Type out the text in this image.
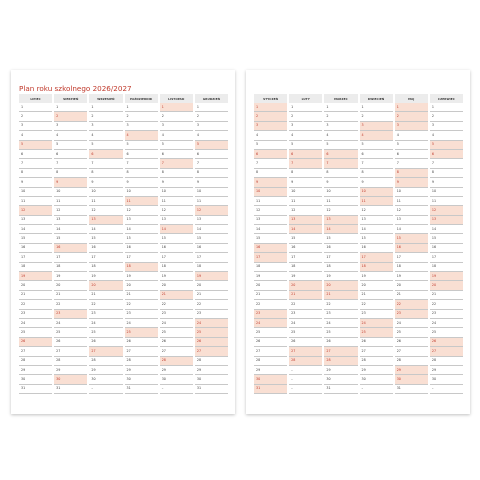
Plan roku szkolnego 2026/2027
LIPIEC	SIERPIEŃ	WRZESIEŃ	PAŹDZIERNIK	LISTOPAD	GRUDZIEŃ
1	1	1	1	1	1
2	2	2	2	2	2
3	3	3	3	3	3
4	4	4	4	4	4
5	5	5	5	5	5
6	6	6	6	6	6
7	7	7	7	7	7
8	8	8	8	8	8
9	9	9	9	9	9
10	10	10	10	10	10
11	11	11	11	11	11
12	12	12	12	12	12
13	13	13	13	13	13
14	14	14	14	14	14
15	15	15	15	15	15
16	16	16	16	16	16
17	17	17	17	17	17
18	18	18	18	18	18
19	19	19	19	19	19
20	20	20	20	20	20
21	21	21	21	21	21
22	22	22	22	22	22
23	23	23	23	23	23
24	24	24	24	24	24
25	25	25	25	25	25
26	26	26	26	26	26
27	27	27	27	27	27
28	28	28	28	28	28
29	29	29	29	29	29
30	30	30	30	30	30
31	31	–	31	–	31
STYCZEŃ	LUTY	MARZEC	KWIECIEŃ	MAJ	CZERWIEC
1	1	1	1	1	1
2	2	2	2	2	2
3	3	3	3	3	3
4	4	4	4	4	4
5	5	5	5	5	5
6	6	6	6	6	6
7	7	7	7	7	7
8	8	8	8	8	8
9	9	9	9	9	9
10	10	10	10	10	10
11	11	11	11	11	11
12	12	12	12	12	12
13	13	13	13	13	13
14	14	14	14	14	14
15	15	15	15	15	15
16	16	16	16	16	16
17	17	17	17	17	17
18	18	18	18	18	18
19	19	19	19	19	19
20	20	20	20	20	20
21	21	21	21	21	21
22	22	22	22	22	22
23	23	23	23	23	23
24	24	24	24	24	24
25	25	25	25	25	25
26	26	26	26	26	26
27	27	27	27	27	27
28	28	28	28	28	28
29	–	29	29	29	29
30	–	30	30	30	30
31	–	31	–	31	–
